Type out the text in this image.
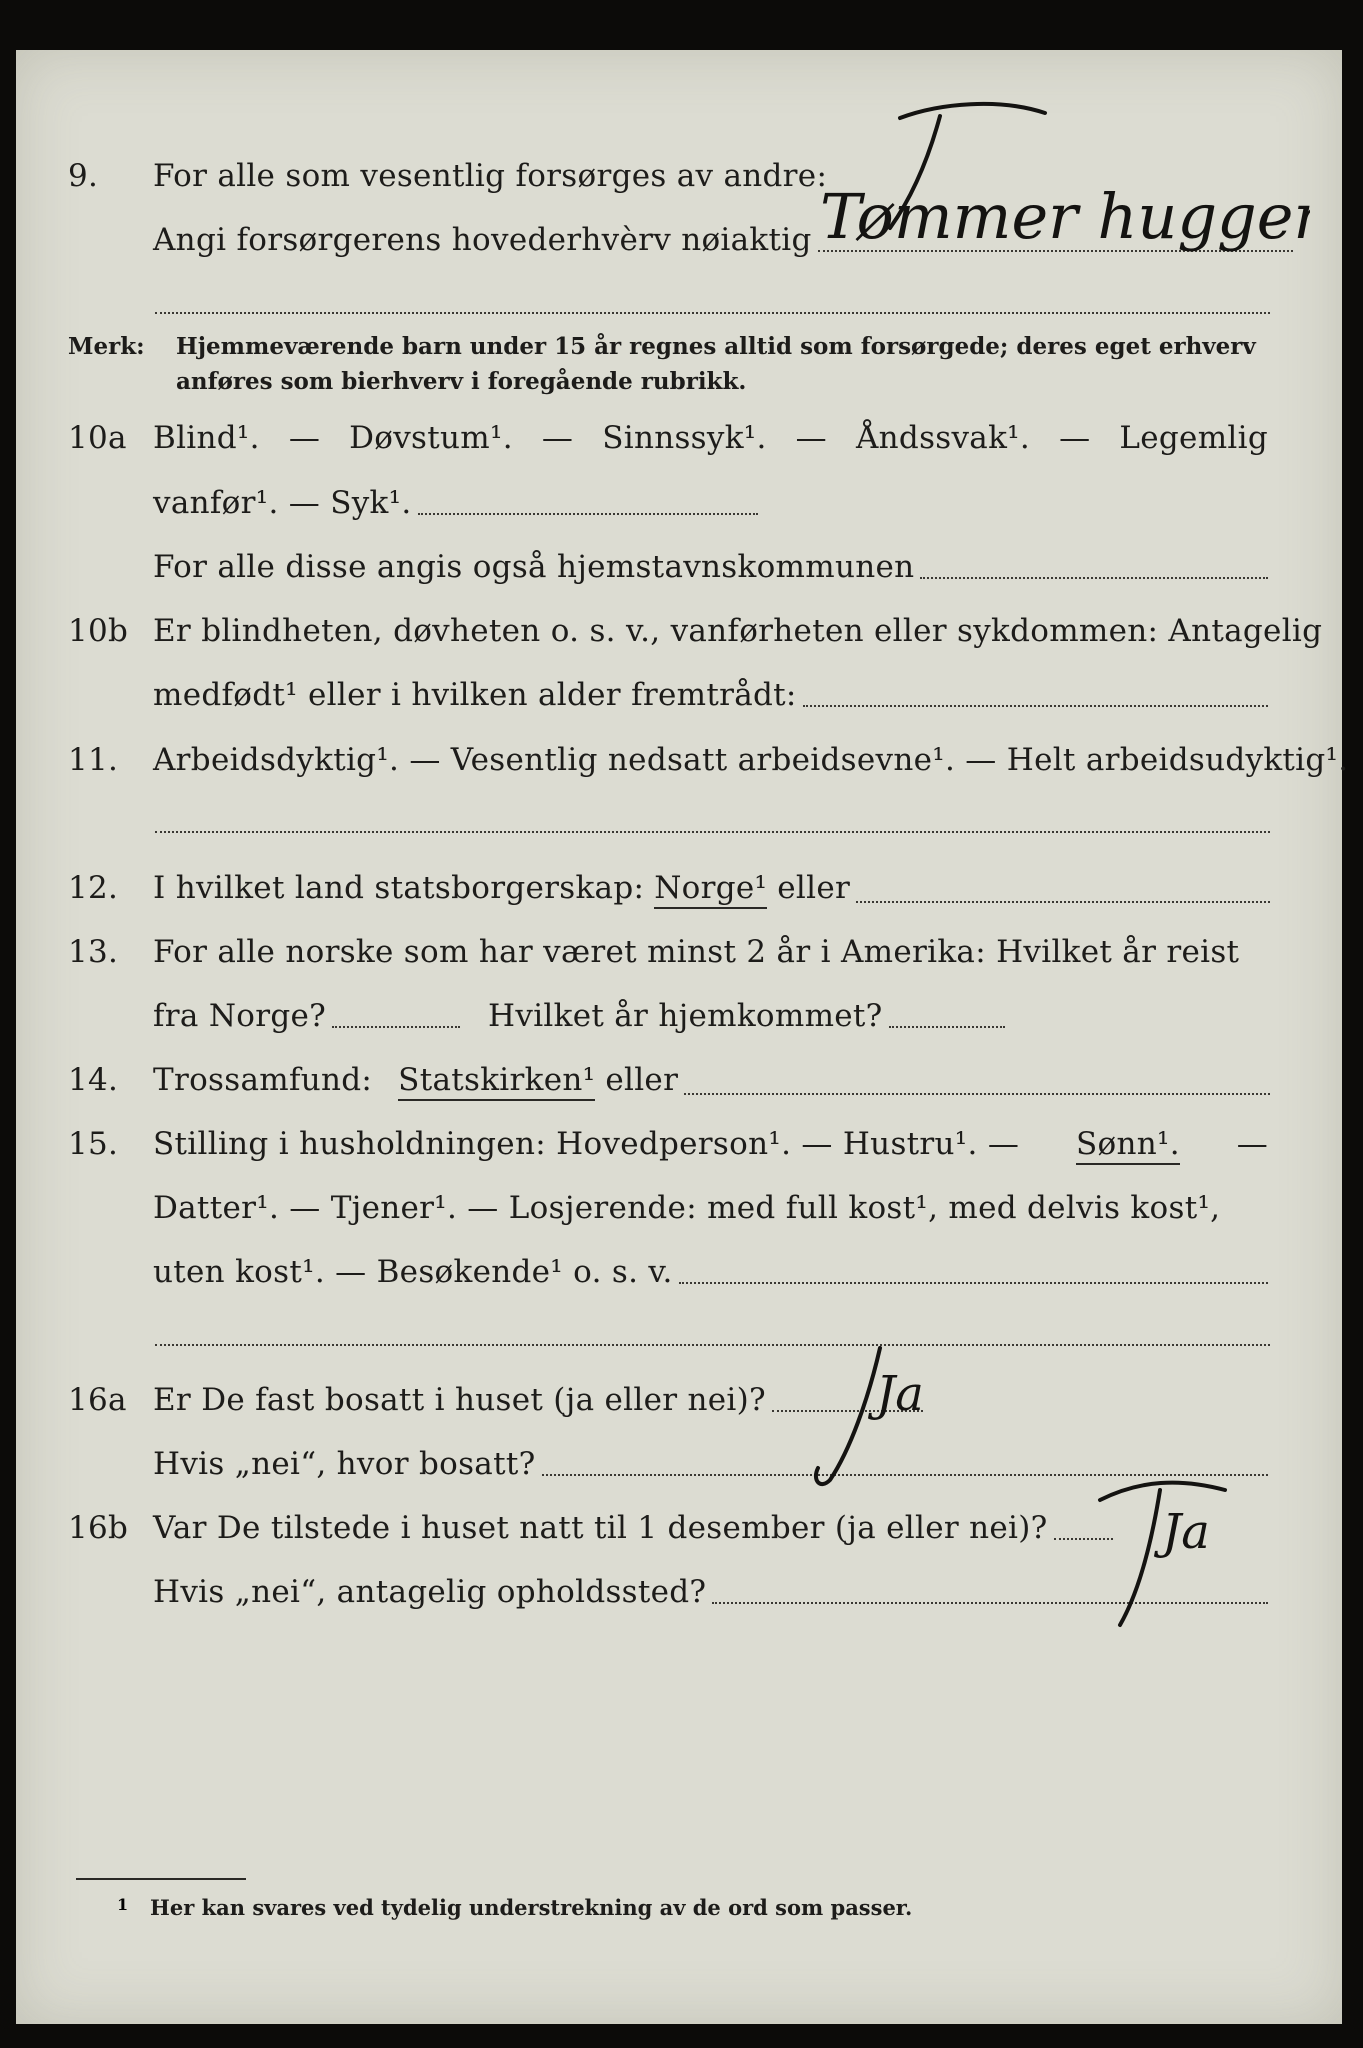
9.	For alle som vesentlig forsørges av andre:
Angi forsørgerens hovederhvèrv nøiaktig Tømmer hugger
Merk: Hjemmeværende barn under 15 år regnes alltid som forsørgede; deres eget erhverv
anføres som bierhverv i foregående rubrikk.
10a Blind¹. — Døvstum¹. — Sinnssyk¹. — Åndssvak¹. — Legemlig
vanfør¹. — Syk¹.
For alle disse angis også hjemstavnskommunen
10b Er blindheten, døvheten o. s. v., vanførheten eller sykdommen: Antagelig
medfødt¹ eller i hvilken alder fremtrådt:
11.	Arbeidsdyktig¹. — Vesentlig nedsatt arbeidsevne¹. — Helt arbeidsudyktig¹.
12.	I hvilket land statsborgerskap: Norge¹ eller
13.	For alle norske som har været minst 2 år i Amerika: Hvilket år reist
fra Norge?	Hvilket år hjemkommet?
14.	Trossamfund: Statskirken¹ eller
15.	Stilling i husholdningen: Hovedperson¹. — Hustru¹. — Sønn¹. —
Datter¹. — Tjener¹. — Losjerende: med full kost¹, med delvis kost¹,
uten kost¹. — Besøkende¹ o. s. v.
16a Er De fast bosatt i huset (ja eller nei)?
Hvis „nei“, hvor bosatt?
Ja
16b Var De tilstede i huset natt til 1 desember (ja eller nei)?
Hvis „nei“, antagelig opholdssted?
Ja
1 Her kan svares ved tydelig understrekning av de ord som passer.
